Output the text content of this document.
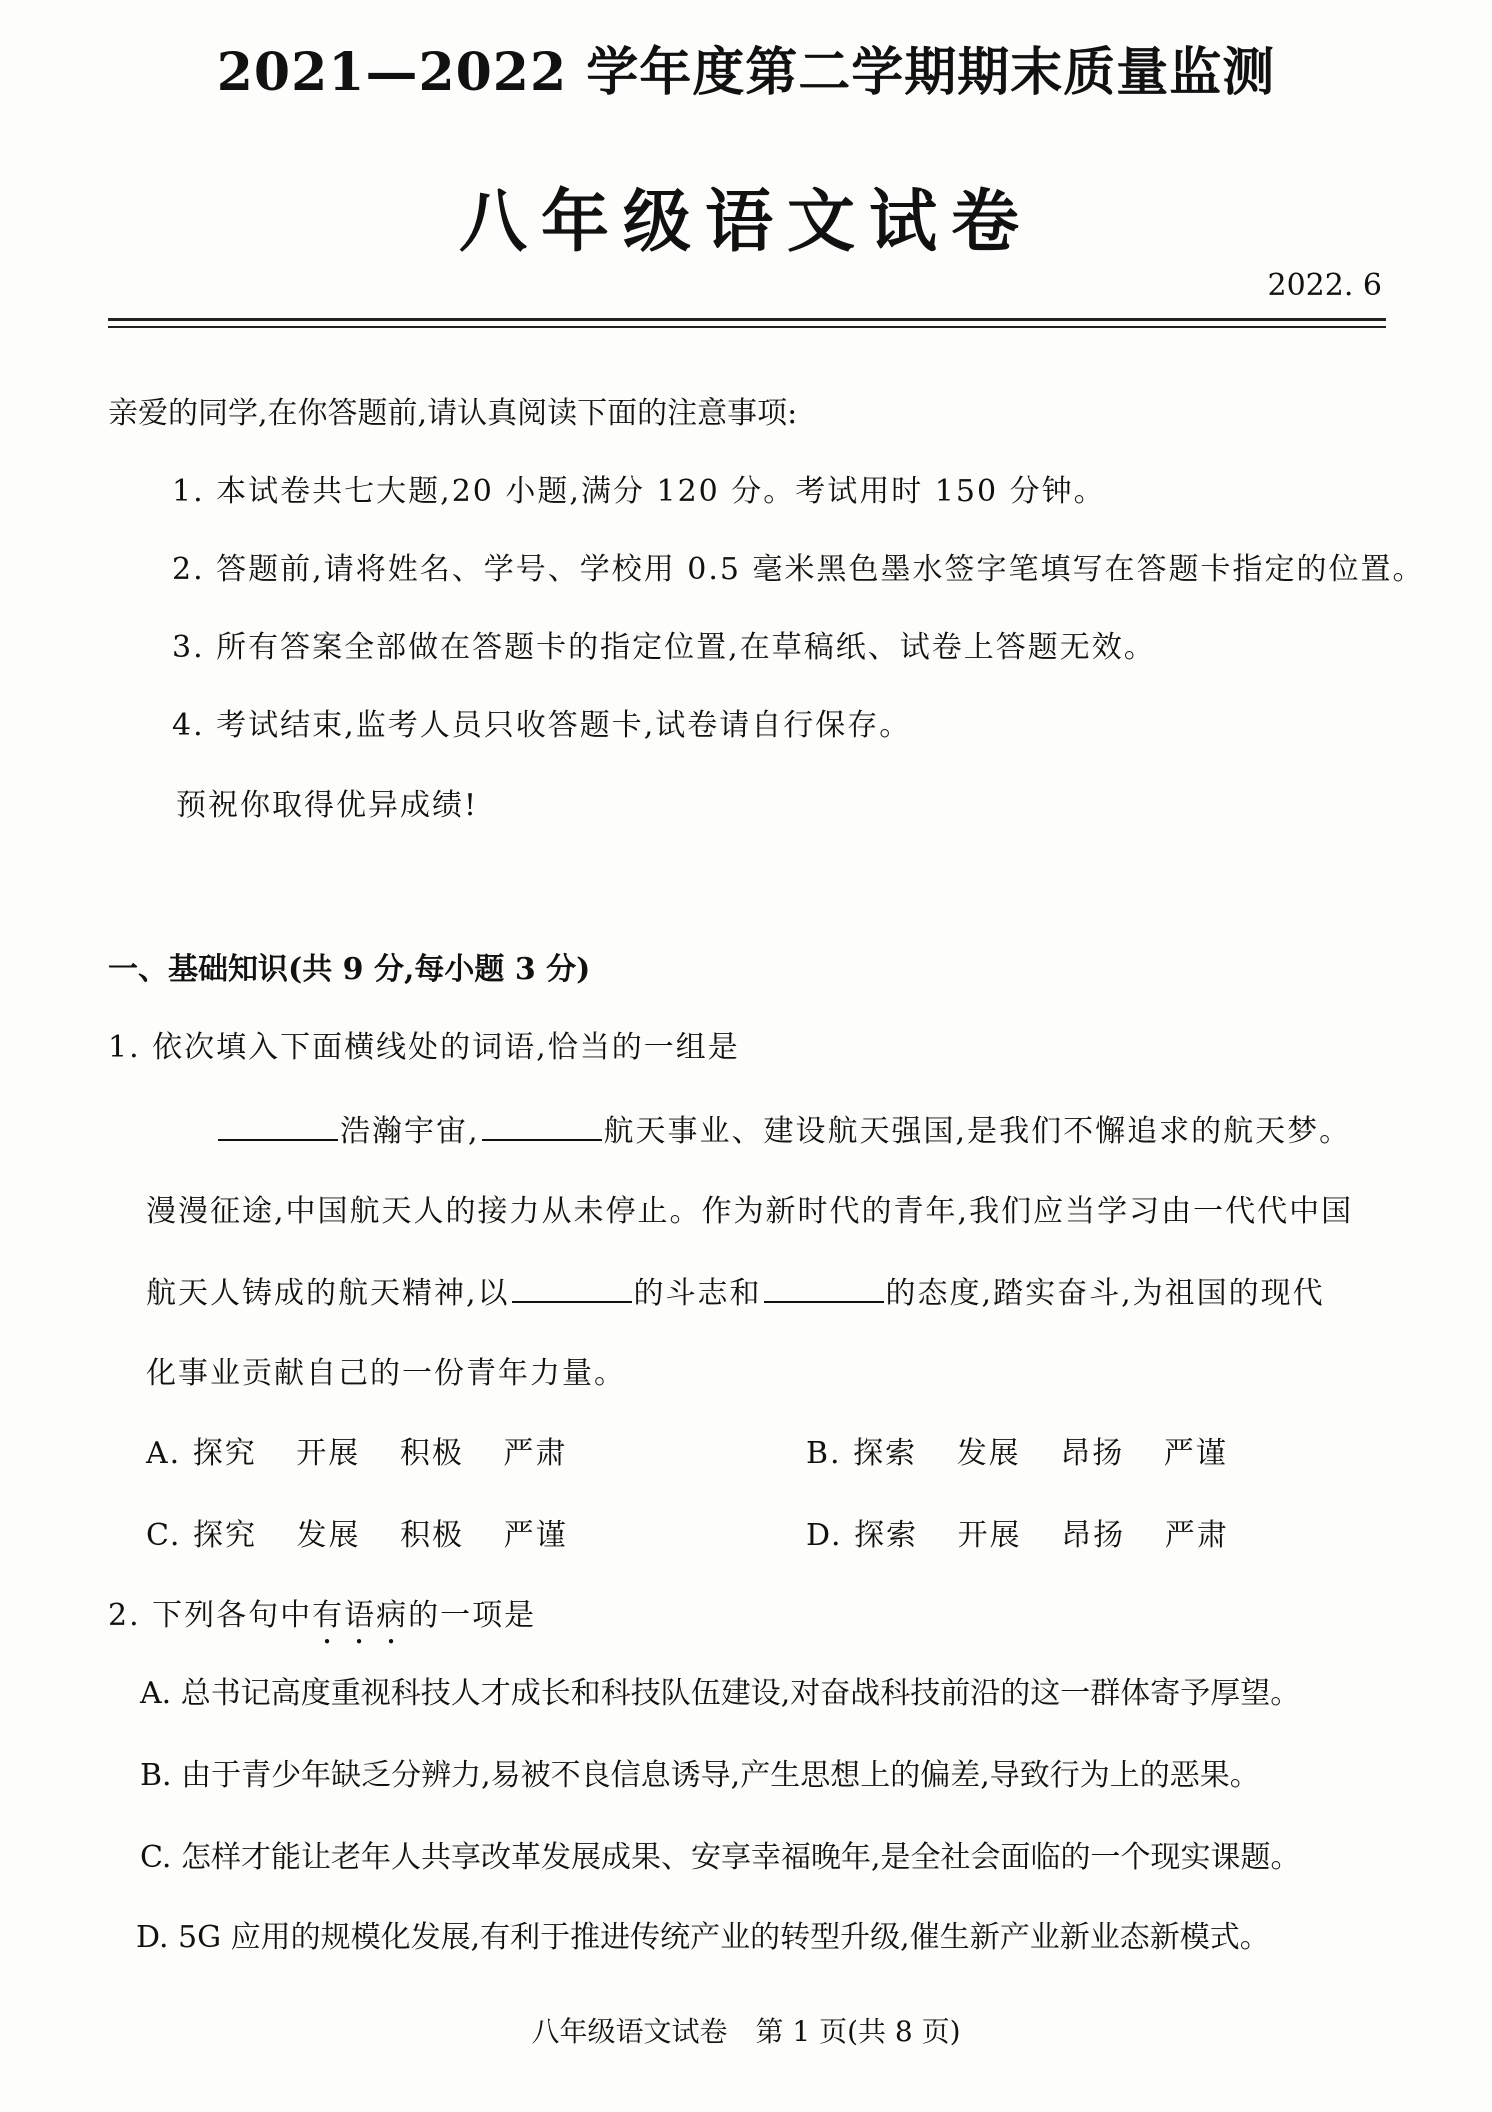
2021—2022 学年度第二学期期末质量监测
八年级语文试卷
2022. 6
亲爱的同学,在你答题前,请认真阅读下面的注意事项:
1. 本试卷共七大题,20 小题,满分 120 分。考试用时 150 分钟。
2. 答题前,请将姓名、学号、学校用 0.5 毫米黑色墨水签字笔填写在答题卡指定的位置。
3. 所有答案全部做在答题卡的指定位置,在草稿纸、试卷上答题无效。
4. 考试结束,监考人员只收答题卡,试卷请自行保存。
预祝你取得优异成绩!
一、基础知识(共 9 分,每小题 3 分)
1. 依次填入下面横线处的词语,恰当的一组是
浩瀚宇宙,	航天事业、建设航天强国,是我们不懈追求的航天梦。
漫漫征途,中国航天人的接力从未停止。作为新时代的青年,我们应当学习由一代代中国
航天人铸成的航天精神,以	的斗志和	的态度,踏实奋斗,为祖国的现代
化事业贡献自己的一份青年力量。
A. 探究 开展 积极 严肃	B. 探索 发展 昂扬 严谨
C. 探究 发展 积极 严谨	D. 探索 开展 昂扬 严肃
2. 下列各句中有语病的一项是
A. 总书记高度重视科技人才成长和科技队伍建设,对奋战科技前沿的这一群体寄予厚望。
B. 由于青少年缺乏分辨力,易被不良信息诱导,产生思想上的偏差,导致行为上的恶果。
C. 怎样才能让老年人共享改革发展成果、安享幸福晚年,是全社会面临的一个现实课题。
D. 5G 应用的规模化发展,有利于推进传统产业的转型升级,催生新产业新业态新模式。
八年级语文试卷　第 1 页(共 8 页)
